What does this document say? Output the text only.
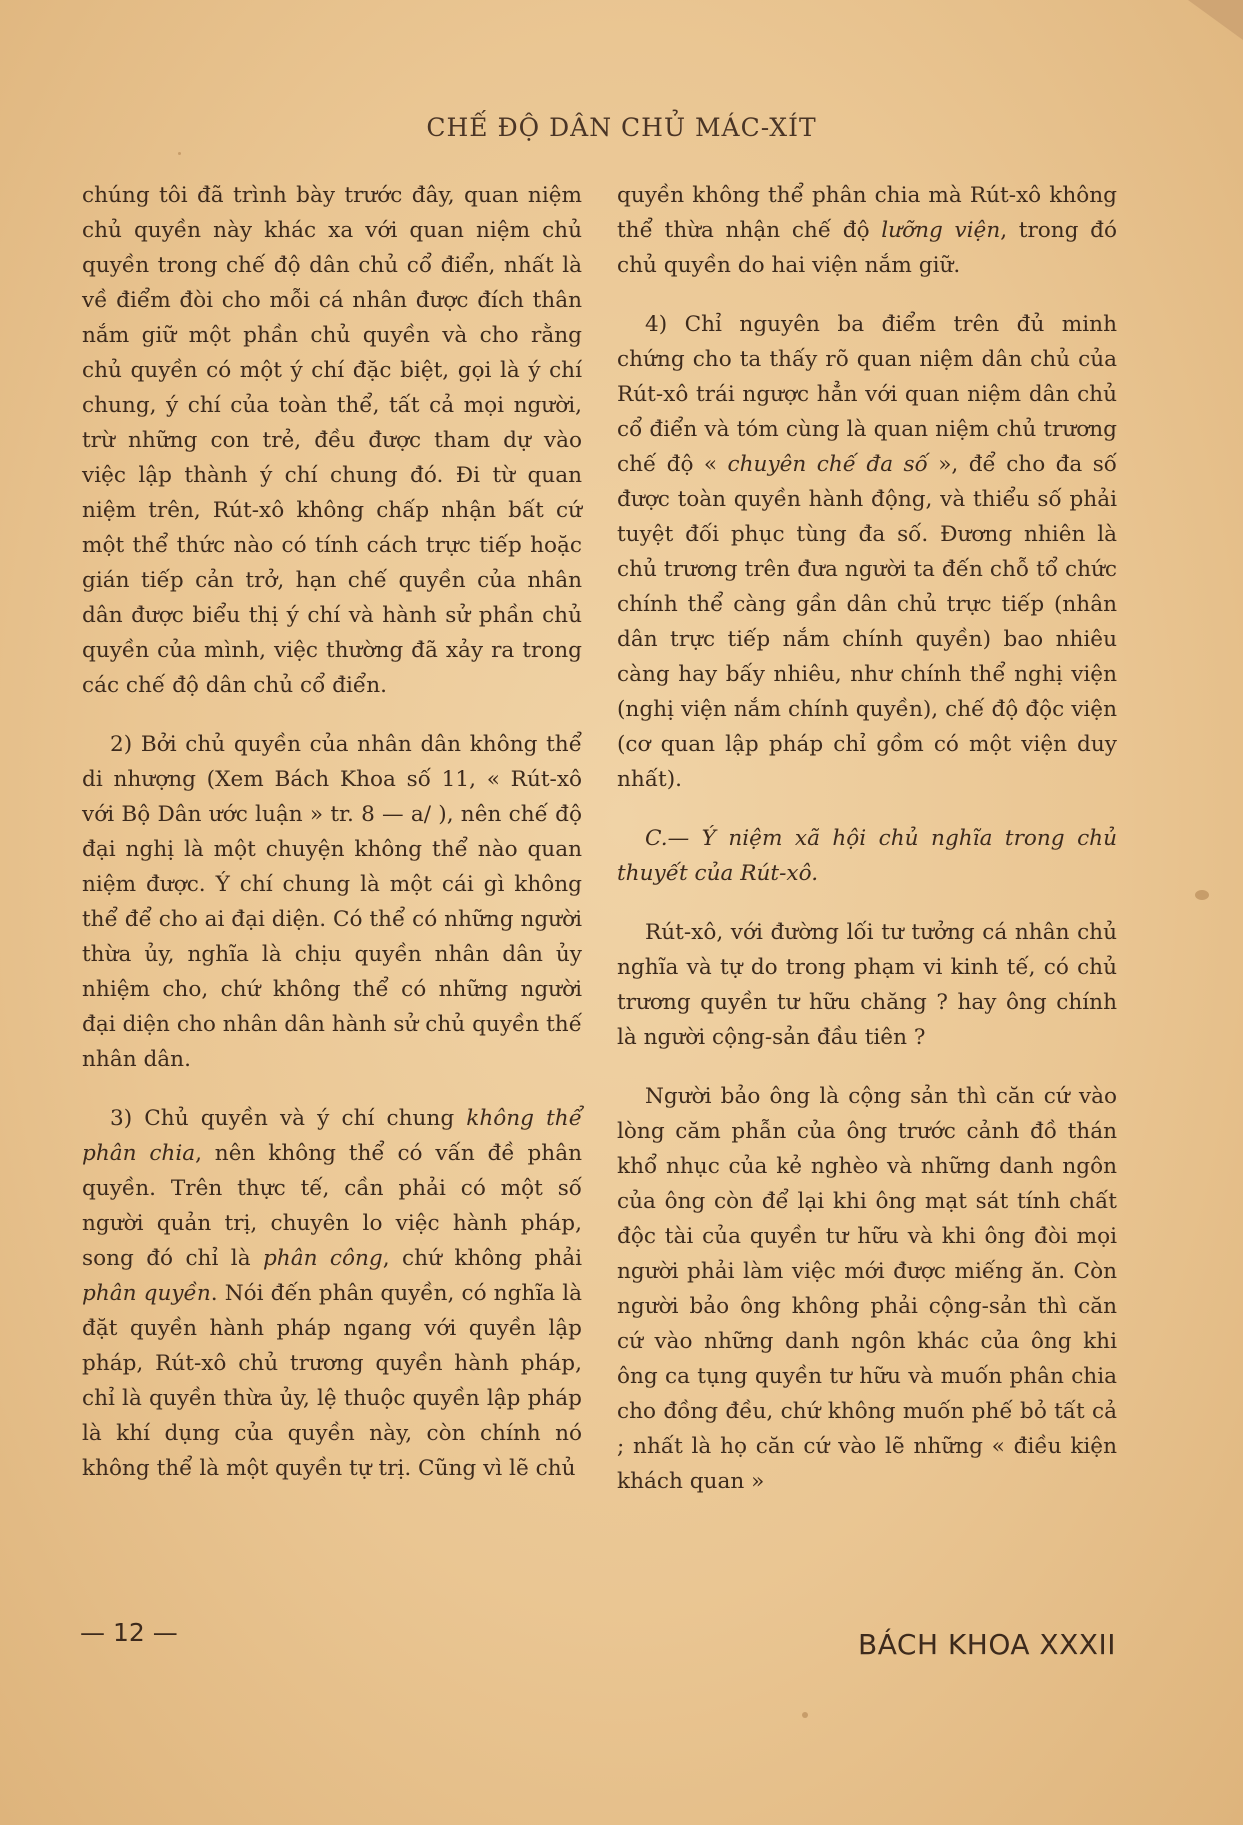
CHẾ ĐỘ DÂN CHỦ MÁC-XÍT

chúng tôi đã trình bày trước đây, quan niệm chủ quyền này khác xa với quan niệm chủ quyền trong chế độ dân chủ cổ điển, nhất là về điểm đòi cho mỗi cá nhân được đích thân nắm giữ một phần chủ quyền và cho rằng chủ quyền có một ý chí đặc biệt, gọi là ý chí chung, ý chí của toàn thể, tất cả mọi người, trừ những con trẻ, đều được tham dự vào việc lập thành ý chí chung đó. Đi từ quan niệm trên, Rút-xô không chấp nhận bất cứ một thể thức nào có tính cách trực tiếp hoặc gián tiếp cản trở, hạn chế quyền của nhân dân được biểu thị ý chí và hành sử phần chủ quyền của mình, việc thường đã xảy ra trong các chế độ dân chủ cổ điển.

2) Bởi chủ quyền của nhân dân không thể di nhượng (Xem Bách Khoa số 11, « Rút-xô với Bộ Dân ước luận » tr. 8 — a/ ), nên chế độ đại nghị là một chuyện không thể nào quan niệm được. Ý chí chung là một cái gì không thể để cho ai đại diện. Có thể có những người thừa ủy, nghĩa là chịu quyền nhân dân ủy nhiệm cho, chứ không thể có những người đại diện cho nhân dân hành sử chủ quyền thế nhân dân.

3) Chủ quyền và ý chí chung không thể phân chia, nên không thể có vấn đề phân quyền. Trên thực tế, cần phải có một số người quản trị, chuyên lo việc hành pháp, song đó chỉ là phân công, chứ không phải phân quyền. Nói đến phân quyền, có nghĩa là đặt quyền hành pháp ngang với quyền lập pháp, Rút-xô chủ trương quyền hành pháp, chỉ là quyền thừa ủy, lệ thuộc quyền lập pháp là khí dụng của quyền này, còn chính nó không thể là một quyền tự trị. Cũng vì lẽ chủ

quyền không thể phân chia mà Rút-xô không thể thừa nhận chế độ lưỡng viện, trong đó chủ quyền do hai viện nắm giữ.

4) Chỉ nguyên ba điểm trên đủ minh chứng cho ta thấy rõ quan niệm dân chủ của Rút-xô trái ngược hẳn với quan niệm dân chủ cổ điển và tóm cùng là quan niệm chủ trương chế độ « chuyên chế đa số », để cho đa số được toàn quyền hành động, và thiểu số phải tuyệt đối phục tùng đa số. Đương nhiên là chủ trương trên đưa người ta đến chỗ tổ chức chính thể càng gần dân chủ trực tiếp (nhân dân trực tiếp nắm chính quyền) bao nhiêu càng hay bấy nhiêu, như chính thể nghị viện (nghị viện nắm chính quyền), chế độ độc viện (cơ quan lập pháp chỉ gồm có một viện duy nhất).

C.— Ý niệm xã hội chủ nghĩa trong chủ thuyết của Rút-xô.

Rút-xô, với đường lối tư tưởng cá nhân chủ nghĩa và tự do trong phạm vi kinh tế, có chủ trương quyền tư hữu chăng ? hay ông chính là người cộng-sản đầu tiên ?

Người bảo ông là cộng sản thì căn cứ vào lòng căm phẫn của ông trước cảnh đồ thán khổ nhục của kẻ nghèo và những danh ngôn của ông còn để lại khi ông mạt sát tính chất độc tài của quyền tư hữu và khi ông đòi mọi người phải làm việc mới được miếng ăn. Còn người bảo ông không phải cộng-sản thì căn cứ vào những danh ngôn khác của ông khi ông ca tụng quyền tư hữu và muốn phân chia cho đồng đều, chứ không muốn phế bỏ tất cả ; nhất là họ căn cứ vào lẽ những « điều kiện khách quan »

— 12 —	BÁCH KHOA XXXII
